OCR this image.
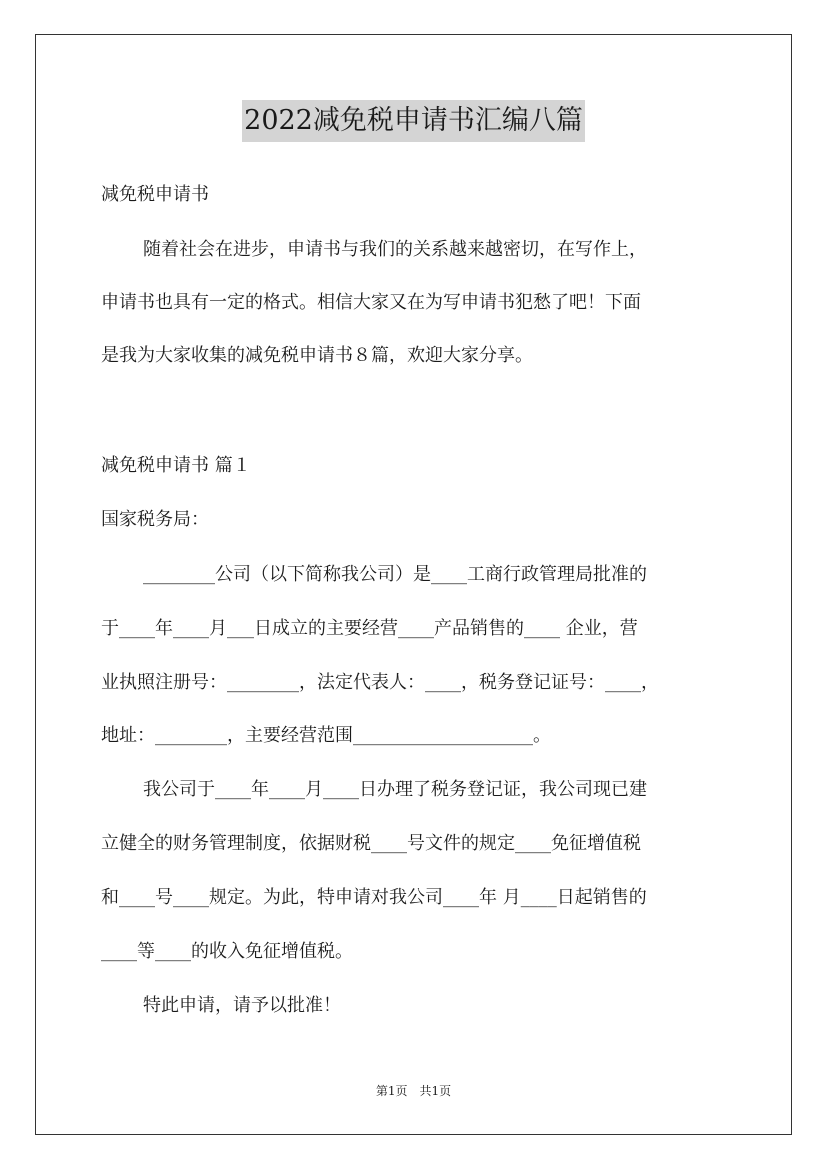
2022减免税申请书汇编八篇
减免税申请书
随着社会在进步，申请书与我们的关系越来越密切，在写作上，
申请书也具有一定的格式。相信大家又在为写申请书犯愁了吧！下面
是我为大家收集的减免税申请书８篇，欢迎大家分享。
减免税申请书 篇１
国家税务局：
________公司（以下简称我公司）是____工商行政管理局批准的
于____年____月___日成立的主要经营____产品销售的____ 企业，营
业执照注册号：________，法定代表人：____，税务登记证号：____，
地址：________，主要经营范围____________________。
我公司于____年____月____日办理了税务登记证，我公司现已建
立健全的财务管理制度，依据财税____号文件的规定____免征增值税
和____号____规定。为此，特申请对我公司____年 月____日起销售的
____等____的收入免征增值税。
特此申请，请予以批准！
第1页　共1页
